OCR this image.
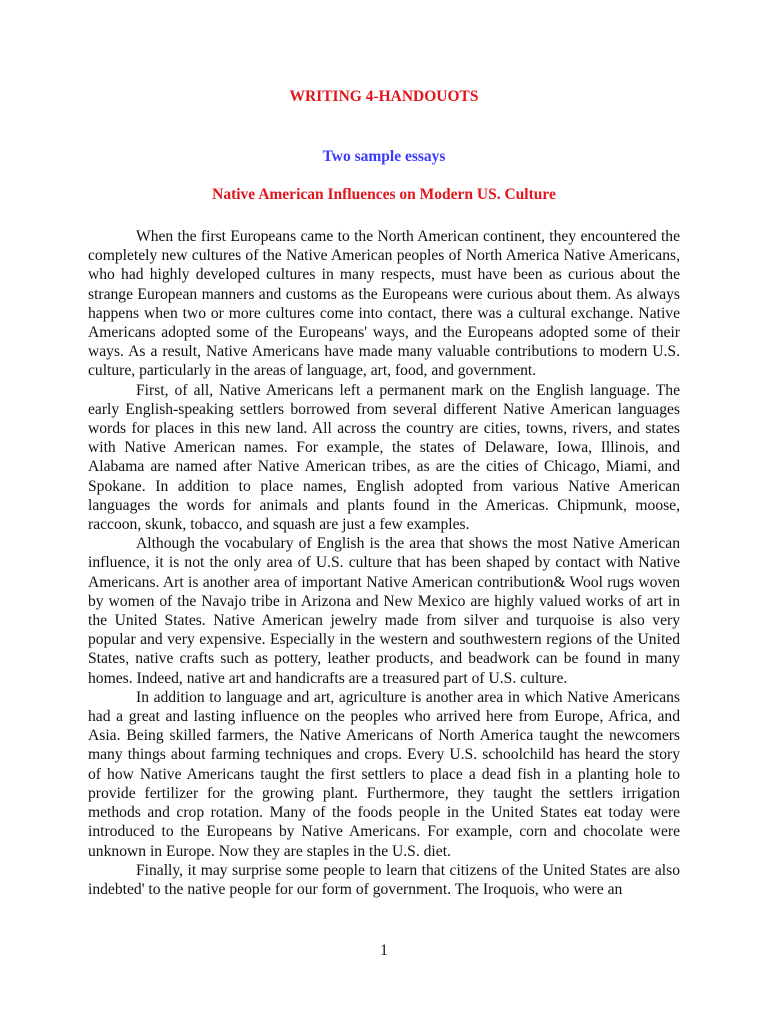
WRITING 4-HANDOUOTS
Two sample essays
Native American Influences on Modern US. Culture

When the first Europeans came to the North American continent, they encountered the completely new cultures of the Native American peoples of North America Native Americans, who had highly developed cultures in many respects, must have been as curious about the strange European manners and customs as the Europeans were curious about them. As always happens when two or more cultures come into contact, there was a cultural exchange. Native Americans adopted some of the Europeans' ways, and the Europeans adopted some of their ways. As a result, Native Americans have made many valuable contributions to modern U.S. culture, particularly in the areas of language, art, food, and government.

First, of all, Native Americans left a permanent mark on the English language. The early English-speaking settlers borrowed from several different Native American languages words for places in this new land. All across the country are cities, towns, rivers, and states with Native American names. For example, the states of Delaware, Iowa, Illinois, and Alabama are named after Native American tribes, as are the cities of Chicago, Miami, and Spokane. In addition to place names, English adopted from various Native American languages the words for animals and plants found in the Americas. Chipmunk, moose, raccoon, skunk, tobacco, and squash are just a few examples.

Although the vocabulary of English is the area that shows the most Native American influence, it is not the only area of U.S. culture that has been shaped by contact with Native Americans. Art is another area of important Native American contribution& Wool rugs woven by women of the Navajo tribe in Arizona and New Mexico are highly valued works of art in the United States. Native American jewelry made from silver and turquoise is also very popular and very expensive. Especially in the western and southwestern regions of the United States, native crafts such as pottery, leather products, and beadwork can be found in many homes. Indeed, native art and handicrafts are a treasured part of U.S. culture.

In addition to language and art, agriculture is another area in which Native Americans had a great and lasting influence on the peoples who arrived here from Europe, Africa, and Asia. Being skilled farmers, the Native Americans of North America taught the newcomers many things about farming techniques and crops. Every U.S. schoolchild has heard the story of how Native Americans taught the first settlers to place a dead fish in a planting hole to provide fertilizer for the growing plant. Furthermore, they taught the settlers irrigation methods and crop rotation. Many of the foods people in the United States eat today were introduced to the Europeans by Native Americans. For example, corn and chocolate were unknown in Europe. Now they are staples in the U.S. diet.

Finally, it may surprise some people to learn that citizens of the United States are also indebted' to the native people for our form of government. The Iroquois, who were an

1
